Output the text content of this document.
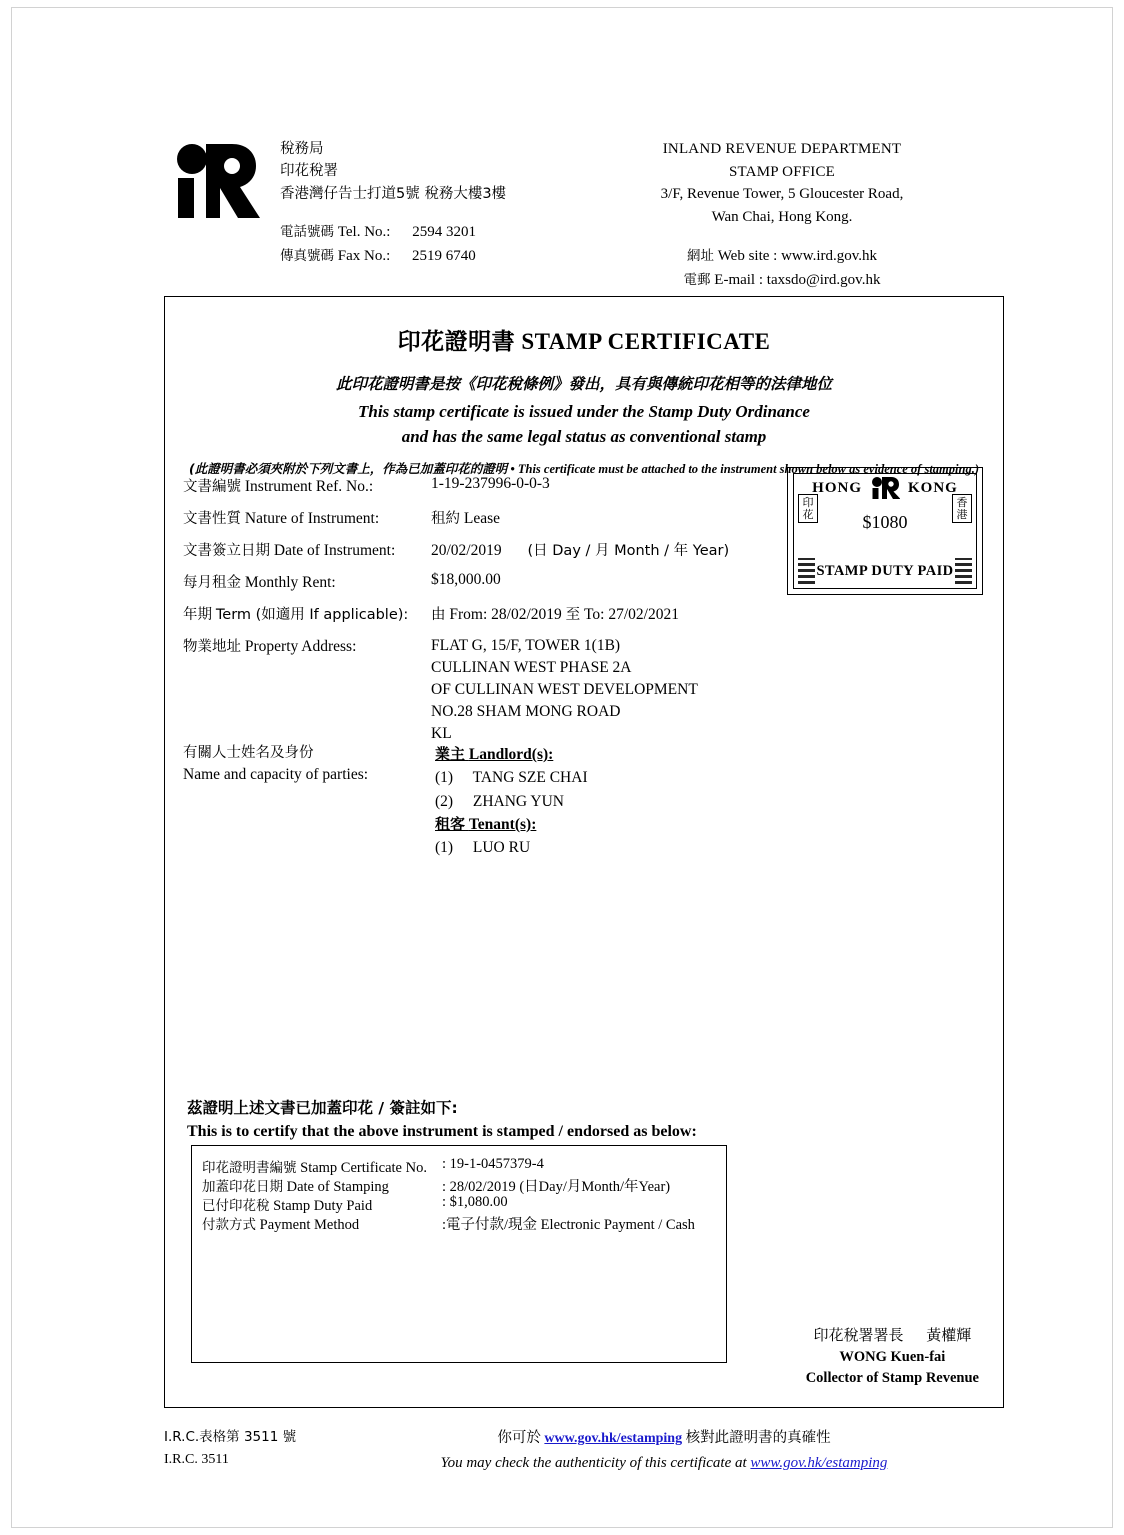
稅務局
印花稅署
香港灣仔告士打道5號 稅務大樓3樓
電話號碼 Tel. No.: 2594 3201
傳真號碼 Fax No.: 2519 6740
INLAND REVENUE DEPARTMENT
STAMP OFFICE
3/F, Revenue Tower, 5 Gloucester Road,
Wan Chai, Hong Kong.
網址 Web site : www.ird.gov.hk
電郵 E-mail : taxsdo@ird.gov.hk
印花證明書 STAMP CERTIFICATE
此印花證明書是按《印花稅條例》發出，具有與傳統印花相等的法律地位
This stamp certificate is issued under the Stamp Duty Ordinance
and has the same legal status as conventional stamp
(此證明書必須夾附於下列文書上，作為已加蓋印花的證明 • This certificate must be attached to the instrument shown below as evidence of stamping.)
HONG	KONG
印花
香港
$1080
STAMP DUTY PAID
文書編號 Instrument Ref. No.:	1-19-237996-0-0-3
文書性質 Nature of Instrument:	租約 Lease
文書簽立日期 Date of Instrument:	20/02/2019 (日 Day / 月 Month / 年 Year)
每月租金 Monthly Rent:	$18,000.00
年期 Term (如適用 If applicable):	由 From: 28/02/2019 至 To: 27/02/2021
物業地址 Property Address:	FLAT G, 15/F, TOWER 1(1B)
CULLINAN WEST PHASE 2A
OF CULLINAN WEST DEVELOPMENT
NO.28 SHAM MONG ROAD
KL
有關人士姓名及身份
Name and capacity of parties:
業主 Landlord(s):
(1) TANG SZE CHAI
(2) ZHANG YUN
租客 Tenant(s):
(1) LUO RU
茲證明上述文書已加蓋印花 / 簽註如下:
This is to certify that the above instrument is stamped / endorsed as below:
印花證明書編號 Stamp Certificate No. : 19-1-0457379-4
加蓋印花日期 Date of Stamping	: 28/02/2019 (日Day/月Month/年Year)
已付印花稅 Stamp Duty Paid	: $1,080.00
付款方式 Payment Method	:電子付款/現金 Electronic Payment / Cash
印花稅署署長 黃權輝
WONG Kuen-fai
Collector of Stamp Revenue
I.R.C.表格第 3511 號
I.R.C. 3511
你可於 www.gov.hk/estamping 核對此證明書的真確性
You may check the authenticity of this certificate at www.gov.hk/estamping
